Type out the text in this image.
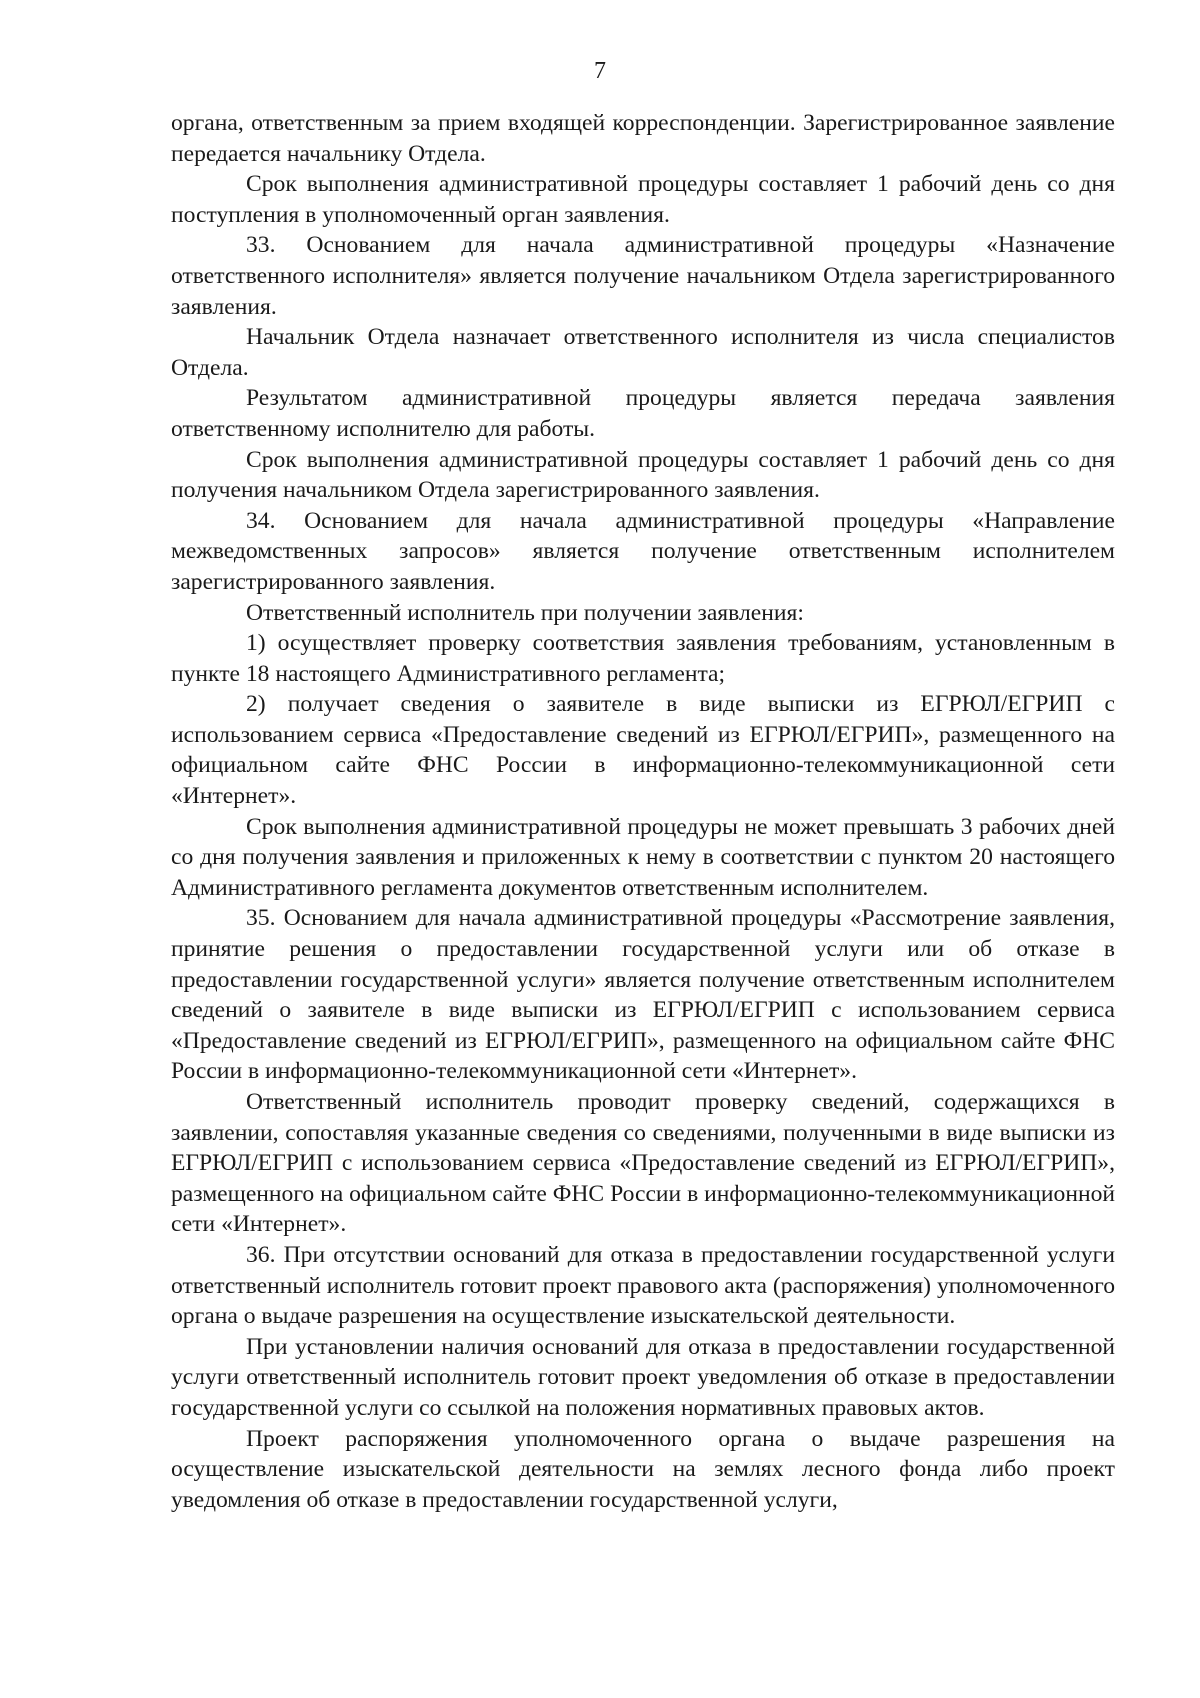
7

органа, ответственным за прием входящей корреспонденции. Зарегистрированное заявление передается начальнику Отдела.

Срок выполнения административной процедуры составляет 1 рабочий день со дня поступления в уполномоченный орган заявления.

33. Основанием для начала административной процедуры «Назначение ответственного исполнителя» является получение начальником Отдела зарегистрированного заявления.

Начальник Отдела назначает ответственного исполнителя из числа специалистов Отдела.

Результатом административной процедуры является передача заявления ответственному исполнителю для работы.

Срок выполнения административной процедуры составляет 1 рабочий день со дня получения начальником Отдела зарегистрированного заявления.

34. Основанием для начала административной процедуры «Направление межведомственных запросов» является получение ответственным исполнителем зарегистрированного заявления.

Ответственный исполнитель при получении заявления:

1) осуществляет проверку соответствия заявления требованиям, установленным в пункте 18 настоящего Административного регламента;

2) получает сведения о заявителе в виде выписки из ЕГРЮЛ/ЕГРИП с использованием сервиса «Предоставление сведений из ЕГРЮЛ/ЕГРИП», размещенного на официальном сайте ФНС России в информационно-телекоммуникационной сети «Интернет».

Срок выполнения административной процедуры не может превышать 3 рабочих дней со дня получения заявления и приложенных к нему в соответствии с пунктом 20 настоящего Административного регламента документов ответственным исполнителем.

35. Основанием для начала административной процедуры «Рассмотрение заявления, принятие решения о предоставлении государственной услуги или об отказе в предоставлении государственной услуги» является получение ответственным исполнителем сведений о заявителе в виде выписки из ЕГРЮЛ/ЕГРИП с использованием сервиса «Предоставление сведений из ЕГРЮЛ/ЕГРИП», размещенного на официальном сайте ФНС России в информационно-телекоммуникационной сети «Интернет».

Ответственный исполнитель проводит проверку сведений, содержащихся в заявлении, сопоставляя указанные сведения со сведениями, полученными в виде выписки из ЕГРЮЛ/ЕГРИП с использованием сервиса «Предоставление сведений из ЕГРЮЛ/ЕГРИП», размещенного на официальном сайте ФНС России в информационно-телекоммуникационной сети «Интернет».

36. При отсутствии оснований для отказа в предоставлении государственной услуги ответственный исполнитель готовит проект правового акта (распоряжения) уполномоченного органа о выдаче разрешения на осуществление изыскательской деятельности.

При установлении наличия оснований для отказа в предоставлении государственной услуги ответственный исполнитель готовит проект уведомления об отказе в предоставлении государственной услуги со ссылкой на положения нормативных правовых актов.

Проект распоряжения уполномоченного органа о выдаче разрешения на осуществление изыскательской деятельности на землях лесного фонда либо проект уведомления об отказе в предоставлении государственной услуги,
